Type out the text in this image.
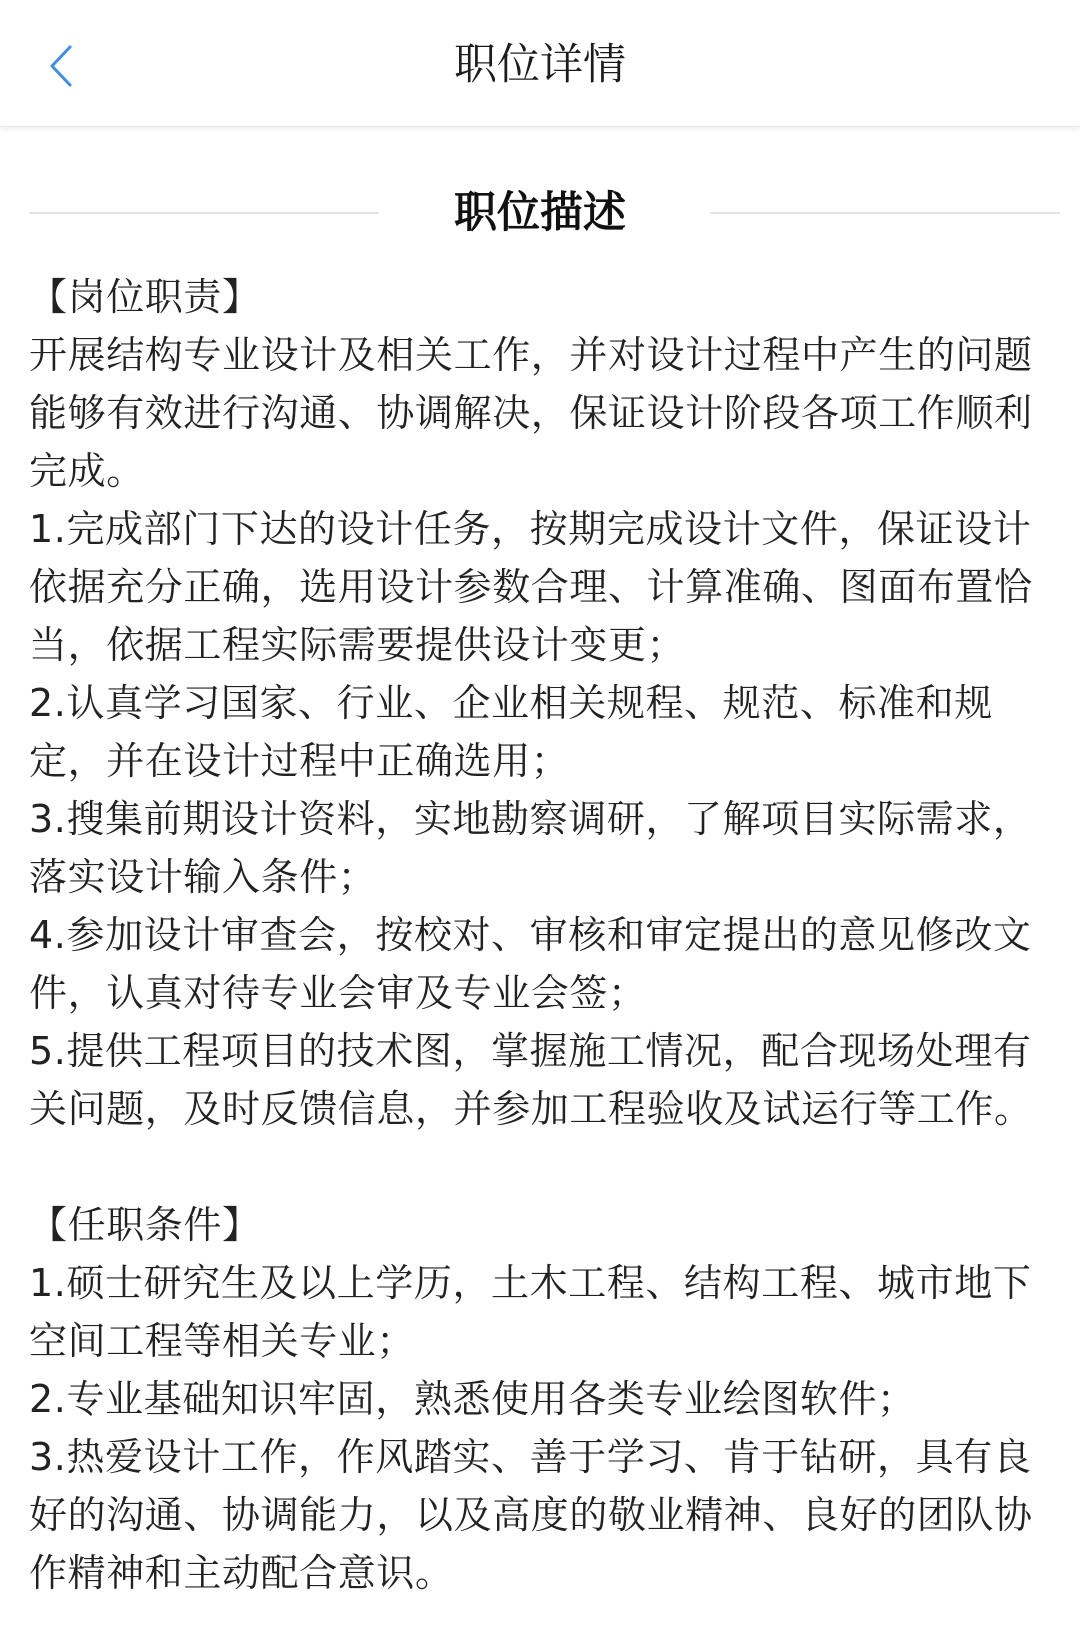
职位详情
职位描述
【岗位职责】
开展结构专业设计及相关工作，并对设计过程中产生的问题
能够有效进行沟通、协调解决，保证设计阶段各项工作顺利
完成。
1.完成部门下达的设计任务，按期完成设计文件，保证设计
依据充分正确，选用设计参数合理、计算准确、图面布置恰
当，依据工程实际需要提供设计变更；
2.认真学习国家、行业、企业相关规程、规范、标准和规
定，并在设计过程中正确选用；
3.搜集前期设计资料，实地勘察调研，了解项目实际需求，
落实设计输入条件；
4.参加设计审查会，按校对、审核和审定提出的意见修改文
件，认真对待专业会审及专业会签；
5.提供工程项目的技术图，掌握施工情况，配合现场处理有
关问题，及时反馈信息，并参加工程验收及试运行等工作。
【任职条件】
1.硕士研究生及以上学历，土木工程、结构工程、城市地下
空间工程等相关专业；
2.专业基础知识牢固，熟悉使用各类专业绘图软件；
3.热爱设计工作，作风踏实、善于学习、肯于钻研，具有良
好的沟通、协调能力，以及高度的敬业精神、良好的团队协
作精神和主动配合意识。
